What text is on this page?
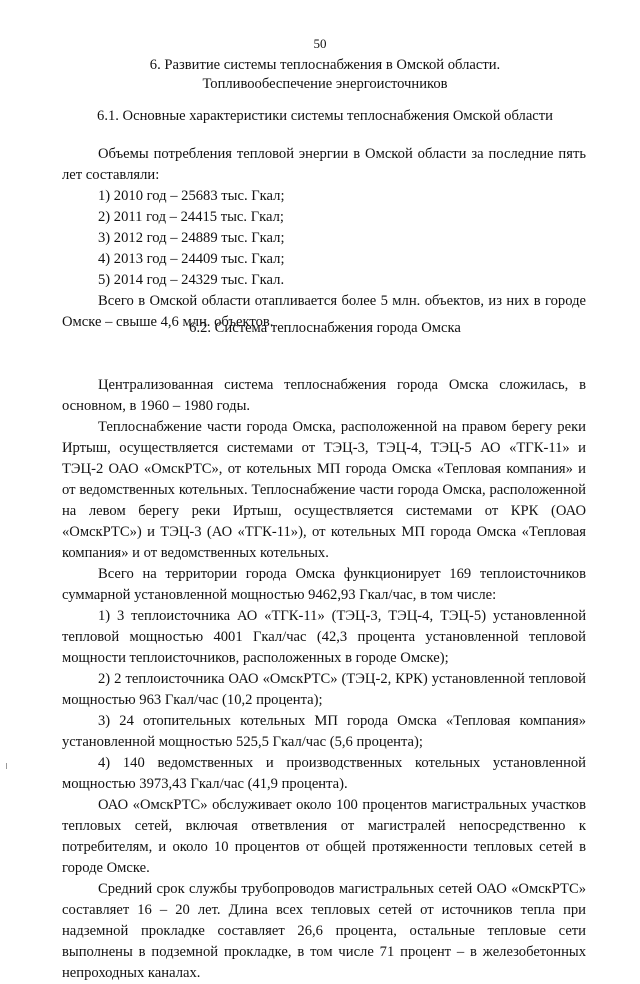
50
6. Развитие системы теплоснабжения в Омской области.
Топливообеспечение энергоисточников
6.1. Основные характеристики системы теплоснабжения Омской области

Объемы потребления тепловой энергии в Омской области за последние пять лет составляли:

1) 2010 год – 25683 тыс. Гкал;

2) 2011 год – 24415 тыс. Гкал;

3) 2012 год – 24889 тыс. Гкал;

4) 2013 год – 24409 тыс. Гкал;

5) 2014 год – 24329 тыс. Гкал.

Всего в Омской области отапливается более 5 млн. объектов, из них в городе Омске – свыше 4,6 млн. объектов.

6.2. Система теплоснабжения города Омска

Централизованная система теплоснабжения города Омска сложилась, в основном, в 1960 – 1980 годы.

Теплоснабжение части города Омска, расположенной на правом берегу реки Иртыш, осуществляется системами от ТЭЦ-3, ТЭЦ-4, ТЭЦ-5 АО «ТГК-11» и ТЭЦ-2 ОАО «ОмскРТС», от котельных МП города Омска «Тепловая компания» и от ведомственных котельных. Теплоснабжение части города Омска, расположенной на левом берегу реки Иртыш, осуществляется системами от КРК (ОАО «ОмскРТС») и ТЭЦ-3 (АО «ТГК-11»), от котельных МП города Омска «Тепловая компания» и от ведомственных котельных.

Всего на территории города Омска функционирует 169 теплоисточников суммарной установленной мощностью 9462,93 Гкал/час, в том числе:

1) 3 теплоисточника АО «ТГК-11» (ТЭЦ-3, ТЭЦ-4, ТЭЦ-5) установленной тепловой мощностью 4001 Гкал/час (42,3 процента установленной тепловой мощности теплоисточников, расположенных в городе Омске);

2) 2 теплоисточника ОАО «ОмскРТС» (ТЭЦ-2, КРК) установленной тепловой мощностью 963 Гкал/час (10,2 процента);

3) 24 отопительных котельных МП города Омска «Тепловая компания» установленной мощностью 525,5 Гкал/час (5,6 процента);

4) 140 ведомственных и производственных котельных установленной мощностью 3973,43 Гкал/час (41,9 процента).

ОАО «ОмскРТС» обслуживает около 100 процентов магистральных участков тепловых сетей, включая ответвления от магистралей непосредственно к потребителям, и около 10 процентов от общей протяженности тепловых сетей в городе Омске.

Средний срок службы трубопроводов магистральных сетей ОАО «ОмскРТС» составляет 16 – 20 лет. Длина всех тепловых сетей от источников тепла при надземной прокладке составляет 26,6 процента, остальные тепловые сети выполнены в подземной прокладке, в том числе 71 процент – в железобетонных непроходных каналах.
